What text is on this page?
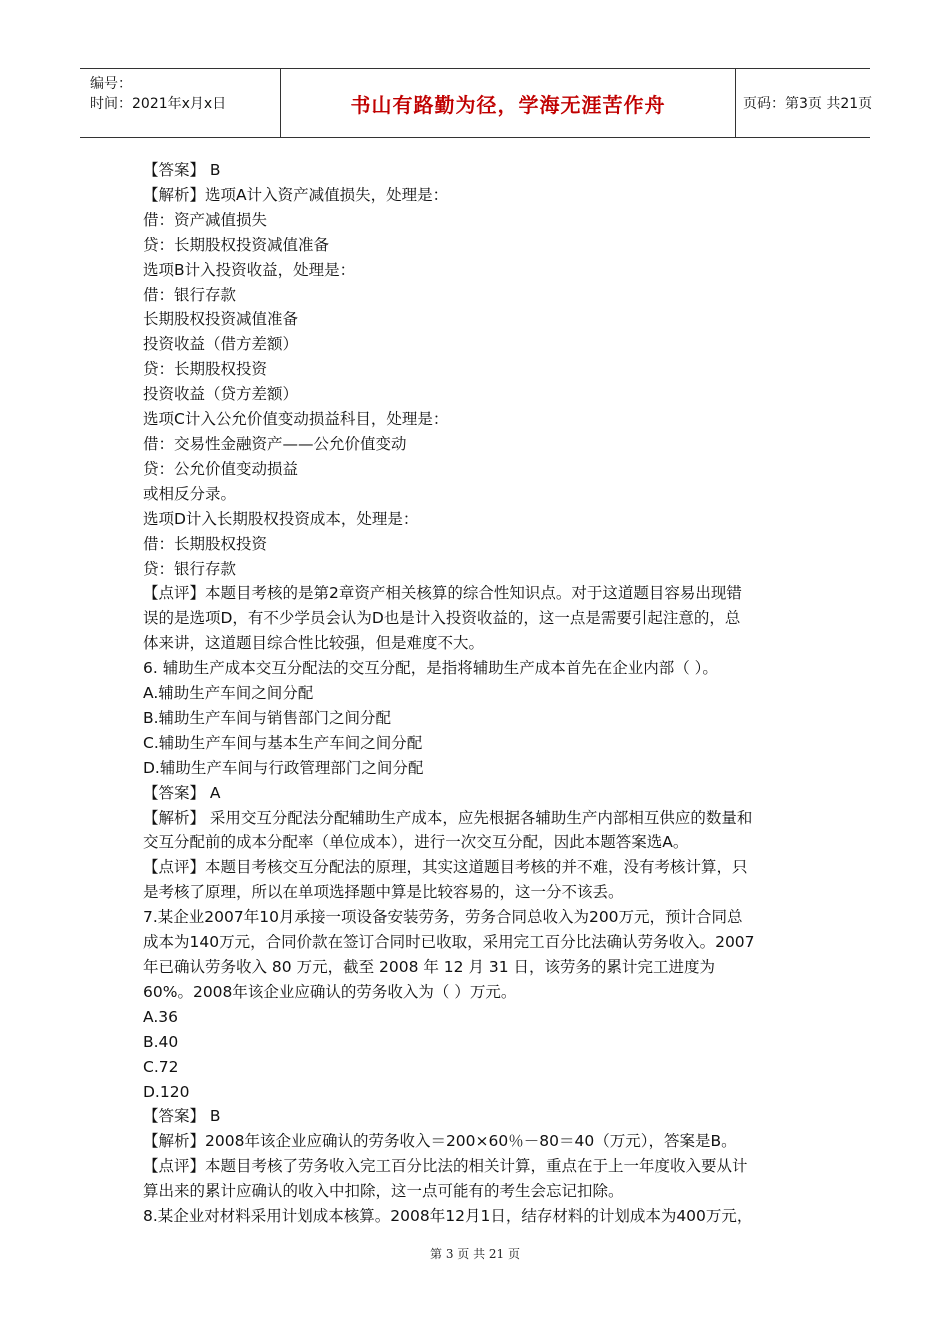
编号：
时间：2021年x月x日	书山有路勤为径，学海无涯苦作舟	页码：第3页 共21页

【答案】 B

【解析】选项A计入资产减值损失，处理是：

借：资产减值损失

贷：长期股权投资减值准备

选项B计入投资收益，处理是：

借：银行存款

长期股权投资减值准备

投资收益（借方差额）

贷：长期股权投资

投资收益（贷方差额）

选项C计入公允价值变动损益科目，处理是：

借：交易性金融资产——公允价值变动

贷：公允价值变动损益

或相反分录。

选项D计入长期股权投资成本，处理是：

借：长期股权投资

贷：银行存款

【点评】本题目考核的是第2章资产相关核算的综合性知识点。对于这道题目容易出现错

误的是选项D，有不少学员会认为D也是计入投资收益的，这一点是需要引起注意的，总

体来讲，这道题目综合性比较强，但是难度不大。

6. 辅助生产成本交互分配法的交互分配，是指将辅助生产成本首先在企业内部（ ）。

A.辅助生产车间之间分配

B.辅助生产车间与销售部门之间分配

C.辅助生产车间与基本生产车间之间分配

D.辅助生产车间与行政管理部门之间分配

【答案】 A

【解析】 采用交互分配法分配辅助生产成本，应先根据各辅助生产内部相互供应的数量和

交互分配前的成本分配率（单位成本），进行一次交互分配，因此本题答案选A。

【点评】本题目考核交互分配法的原理，其实这道题目考核的并不难，没有考核计算，只

是考核了原理，所以在单项选择题中算是比较容易的，这一分不该丢。

7.某企业2007年10月承接一项设备安装劳务，劳务合同总收入为200万元，预计合同总

成本为140万元，合同价款在签订合同时已收取，采用完工百分比法确认劳务收入。2007

年已确认劳务收入 80 万元，截至 2008 年 12 月 31 日，该劳务的累计完工进度为

60%。2008年该企业应确认的劳务收入为（ ）万元。

A.36

B.40

C.72

D.120

【答案】 B

【解析】2008年该企业应确认的劳务收入＝200×60％－80＝40（万元），答案是B。

【点评】本题目考核了劳务收入完工百分比法的相关计算，重点在于上一年度收入要从计

算出来的累计应确认的收入中扣除，这一点可能有的考生会忘记扣除。

8.某企业对材料采用计划成本核算。2008年12月1日，结存材料的计划成本为400万元，

第 3 页 共 21 页
